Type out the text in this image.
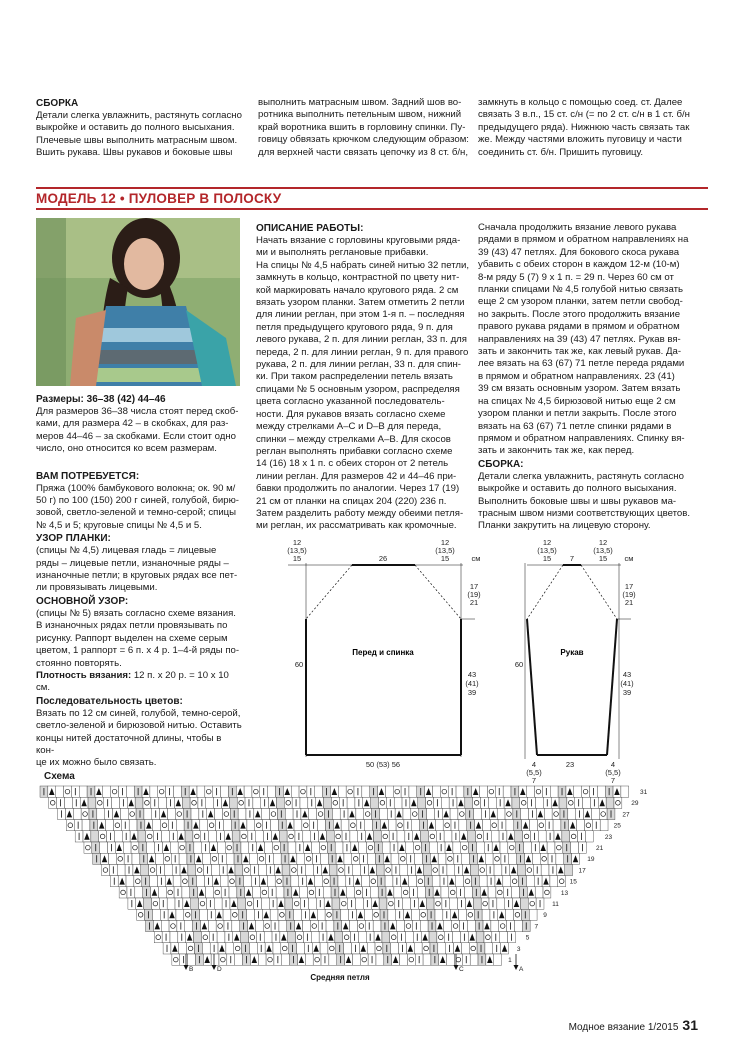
СБОРКА
Детали слегка увлажнить, растянуть согласно
выкройке и оставить до полного высыхания.
Плечевые швы выполнить матрасным швом.
Вшить рукава. Швы рукавов и боковые швы
выполнить матрасным швом. Задний шов во-
ротника выполнить петельным швом, нижний
край воротника вшить в горловину спинки. Пу-
говицу обвязать крючком следующим образом:
для верхней части связать цепочку из 8 ст. б/н,
замкнуть в кольцо с помощью соед. ст. Далее
связать 3 в.п., 15 ст. с/н (= по 2 ст. с/н в 1 ст. б/н
предыдущего ряда). Нижнюю часть связать так
же. Между частями вложить пуговицу и части
соединить ст. б/н. Пришить пуговицу.
МОДЕЛЬ 12 • ПУЛОВЕР В ПОЛОСКУ
Размеры: 36–38 (42) 44–46
Для размеров 36–38 числа стоят перед скоб-
ками, для размера 42 – в скобках, для раз-
меров 44–46 – за скобками. Если стоит одно
число, оно относится ко всем размерам.
ВАМ ПОТРЕБУЕТСЯ:
Пряжа (100% бамбукового волокна; ок. 90 м/
50 г) по 100 (150) 200 г синей, голубой, бирю-
зовой, светло-зеленой и темно-серой; спицы
№ 4,5 и 5; круговые спицы № 4,5 и 5.
УЗОР ПЛАНКИ:
(спицы № 4,5) лицевая гладь = лицевые
ряды – лицевые петли, изнаночные ряды –
изнаночные петли; в круговых рядах все пет-
ли провязывать лицевыми.
ОСНОВНОЙ УЗОР:
(спицы № 5) вязать согласно схеме вязания.
В изнаночных рядах петли провязывать по
рисунку. Раппорт выделен на схеме серым
цветом, 1 раппорт = 6 п. x 4 р. 1–4-й ряды по-
стоянно повторять.
Плотность вязания: 12 п. x 20 р. = 10 x 10 см.
Последовательность цветов:
Вязать по 12 см синей, голубой, темно-серой,
светло-зеленой и бирюзовой нитью. Оставить
концы нитей достаточной длины, чтобы в кон-
це их можно было связать.
ОПИСАНИЕ РАБОТЫ:
Начать вязание с горловины круговыми рядa-
ми и выполнять реглановые прибавки.
На спицы № 4,5 набрать синей нитью 32 петли,
замкнуть в кольцо, контрастной по цвету нит-
кой маркировать начало кругового ряда. 2 см
вязать узором планки. Затем отметить 2 петли
для линии реглан, при этом 1-я п. – последняя
петля предыдущего кругового ряда, 9 п. для
левого рукава, 2 п. для линии реглан, 33 п. для
переда, 2 п. для линии реглан, 9 п. для правого
рукава, 2 п. для линии реглан, 33 п. для спин-
ки. При таком распределении петель вязать
спицами № 5 основным узором, распределяя
цвета согласно указанной последователь-
ности. Для рукавов вязать согласно схеме
между стрелками A–C и D–B для переда,
спинки – между стрелками A–B. Для скосов
реглан выполнять прибавки согласно схеме
14 (16) 18 x 1 п. с обеих сторон от 2 петель
линии реглан. Для размеров 42 и 44–46 при-
бавки продолжить по аналогии. Через 17 (19)
21 см от планки на спицах 204 (220) 236 п.
Затем разделить работу между обеими петля-
ми реглан, их рассматривать как кромочные.
Сначала продолжить вязание левого рукава
рядами в прямом и обратном направлениях на
39 (43) 47 петлях. Для бокового скоса рукава
убавить с обеих сторон в каждом 12-м (10-м)
8-м ряду 5 (7) 9 x 1 п. = 29 п. Через 60 см от
планки спицами № 4,5 голубой нитью связать
еще 2 см узором планки, затем петли свобод-
но закрыть. После этого продолжить вязание
правого рукава рядами в прямом и обратном
направлениях на 39 (43) 47 петлях. Рукав вя-
зать и закончить так же, как левый рукав. Да-
лее вязать на 63 (67) 71 петле переда рядами
в прямом и обратном направлениях. 23 (41)
39 см вязать основным узором. Затем вязать
на спицах № 4,5 бирюзовой нитью еще 2 см
узором планки и петли закрыть. После этого
вязать на 63 (67) 71 петле спинки рядами в
прямом и обратном направлениях. Спинку вя-
зать и закончить так же, как перед.
СБОРКА:
Детали слегка увлажнить, растянуть согласно
выкройке и оставить до полного высыхания.
Выполнить боковые швы и швы рукавов ма-
трасным швом низми соответствующих цветов.
Планки закрутить на лицевую сторону.
12
(13,5)
15	26
12
(13,5)
15	см
17
(19)
21
60
43
(41)
39
50 (53) 56
Перед и спинка
12
(13,5)
15 7
12
(13,5)
15 см
17
(19)
21
60
43
(41)
39
4
(5,5)
7
23	4
(5,5)
7
Рукав
Схема
31
29
27
25
23
21
19
17
15
13
11
9
7
5
3
1
B	D	C	A
Средняя петля
Модное вязание 1/2015 31
